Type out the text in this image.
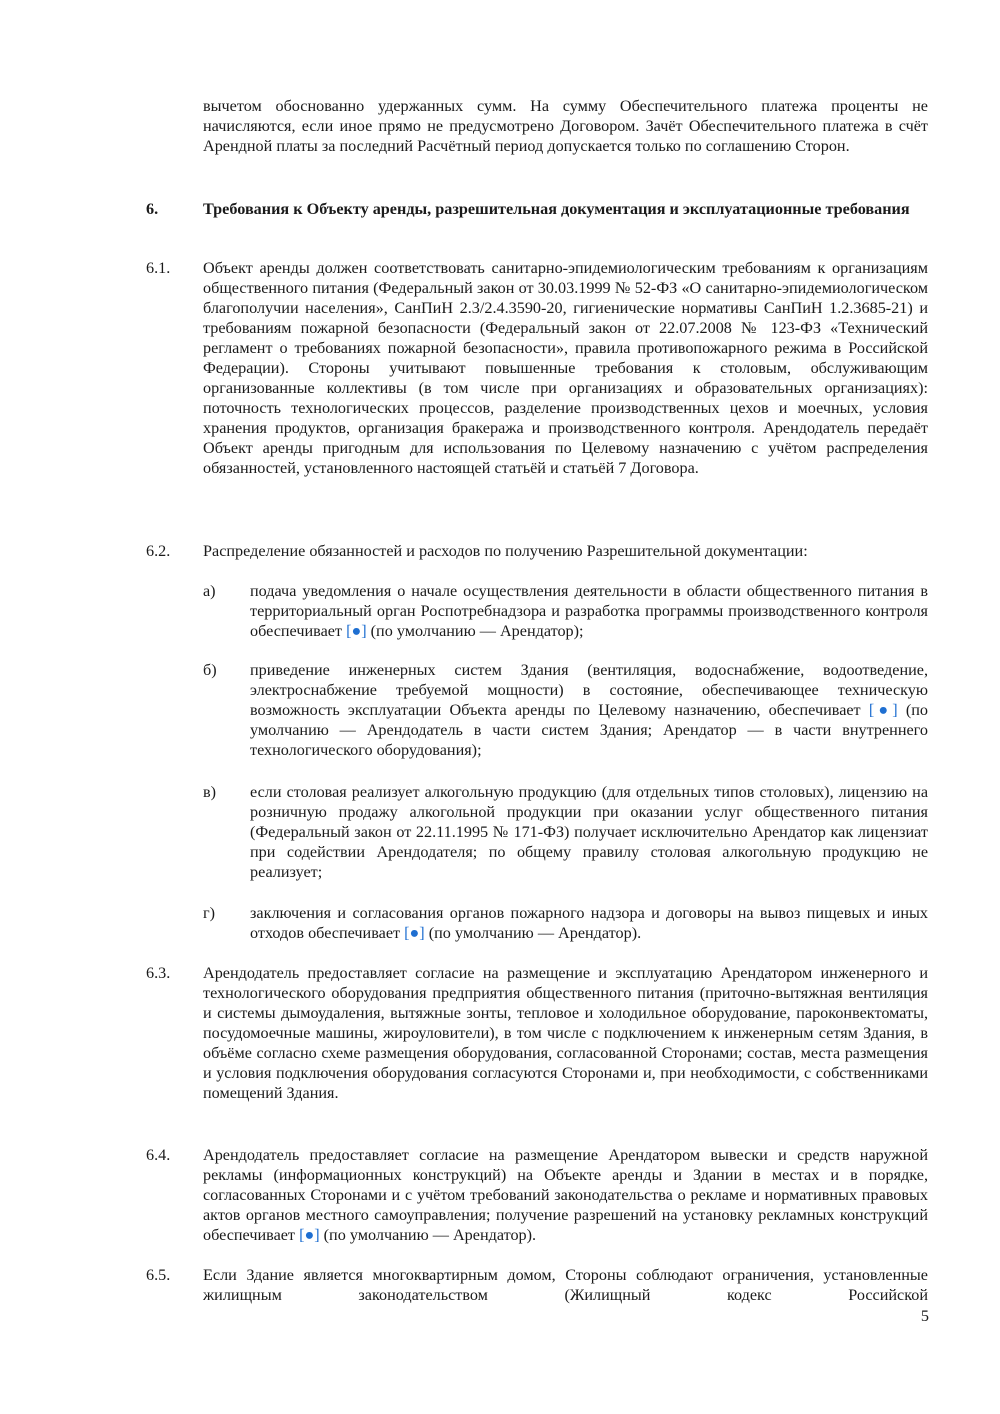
вычетом обоснованно удержанных сумм. На сумму Обеспечительного платежа проценты не начисляются, если иное прямо не предусмотрено Договором. Зачёт Обеспечительного платежа в счёт Арендной платы за последний Расчётный период допускается только по соглашению Сторон.
6.	Требования к Объекту аренды, разрешительная документация и эксплуатационные требования
6.1. Объект аренды должен соответствовать санитарно-эпидемиологическим требованиям к организациям общественного питания (Федеральный закон от 30.03.1999 № 52-ФЗ «О санитарно-эпидемиологическом благополучии населения», СанПиН 2.3/2.4.3590-20, гигиенические нормативы СанПиН 1.2.3685-21) и требованиям пожарной безопасности (Федеральный закон от 22.07.2008 № 123-ФЗ «Технический регламент о требованиях пожарной безопасности», правила противопожарного режима в Российской Федерации). Стороны учитывают повышенные требования к столовым, обслуживающим организованные коллективы (в том числе при организациях и образовательных организациях): поточность технологических процессов, разделение производственных цехов и моечных, условия хранения продуктов, организация бракеража и производственного контроля. Арендодатель передаёт Объект аренды пригодным для использования по Целевому назначению с учётом распределения обязанностей, установленного настоящей статьёй и статьёй 7 Договора.
6.2. Распределение обязанностей и расходов по получению Разрешительной документации:
а) подача уведомления о начале осуществления деятельности в области общественного питания в территориальный орган Роспотребнадзора и разработка программы производственного контроля обеспечивает [●] (по умолчанию — Арендатор);
б) приведение инженерных систем Здания (вентиляция, водоснабжение, водоотведение, электроснабжение требуемой мощности) в состояние, обеспечивающее техническую возможность эксплуатации Объекта аренды по Целевому назначению, обеспечивает [●] (по умолчанию — Арендодатель в части систем Здания; Арендатор — в части внутреннего технологического оборудования);
в) если столовая реализует алкогольную продукцию (для отдельных типов столовых), лицензию на розничную продажу алкогольной продукции при оказании услуг общественного питания (Федеральный закон от 22.11.1995 № 171-ФЗ) получает исключительно Арендатор как лицензиат при содействии Арендодателя; по общему правилу столовая алкогольную продукцию не реализует;
г) заключения и согласования органов пожарного надзора и договоры на вывоз пищевых и иных отходов обеспечивает [●] (по умолчанию — Арендатор).
6.3. Арендодатель предоставляет согласие на размещение и эксплуатацию Арендатором инженерного и технологического оборудования предприятия общественного питания (приточно-вытяжная вентиляция и системы дымоудаления, вытяжные зонты, тепловое и холодильное оборудование, пароконвектоматы, посудомоечные машины, жироуловители), в том числе с подключением к инженерным сетям Здания, в объёме согласно схеме размещения оборудования, согласованной Сторонами; состав, места размещения и условия подключения оборудования согласуются Сторонами и, при необходимости, с собственниками помещений Здания.
6.4. Арендодатель предоставляет согласие на размещение Арендатором вывески и средств наружной рекламы (информационных конструкций) на Объекте аренды и Здании в местах и в порядке, согласованных Сторонами и с учётом требований законодательства о рекламе и нормативных правовых актов органов местного самоуправления; получение разрешений на установку рекламных конструкций обеспечивает [●] (по умолчанию — Арендатор).
6.5. Если Здание является многоквартирным домом, Стороны соблюдают ограничения, установленные жилищным законодательством (Жилищный кодекс Российской
5
